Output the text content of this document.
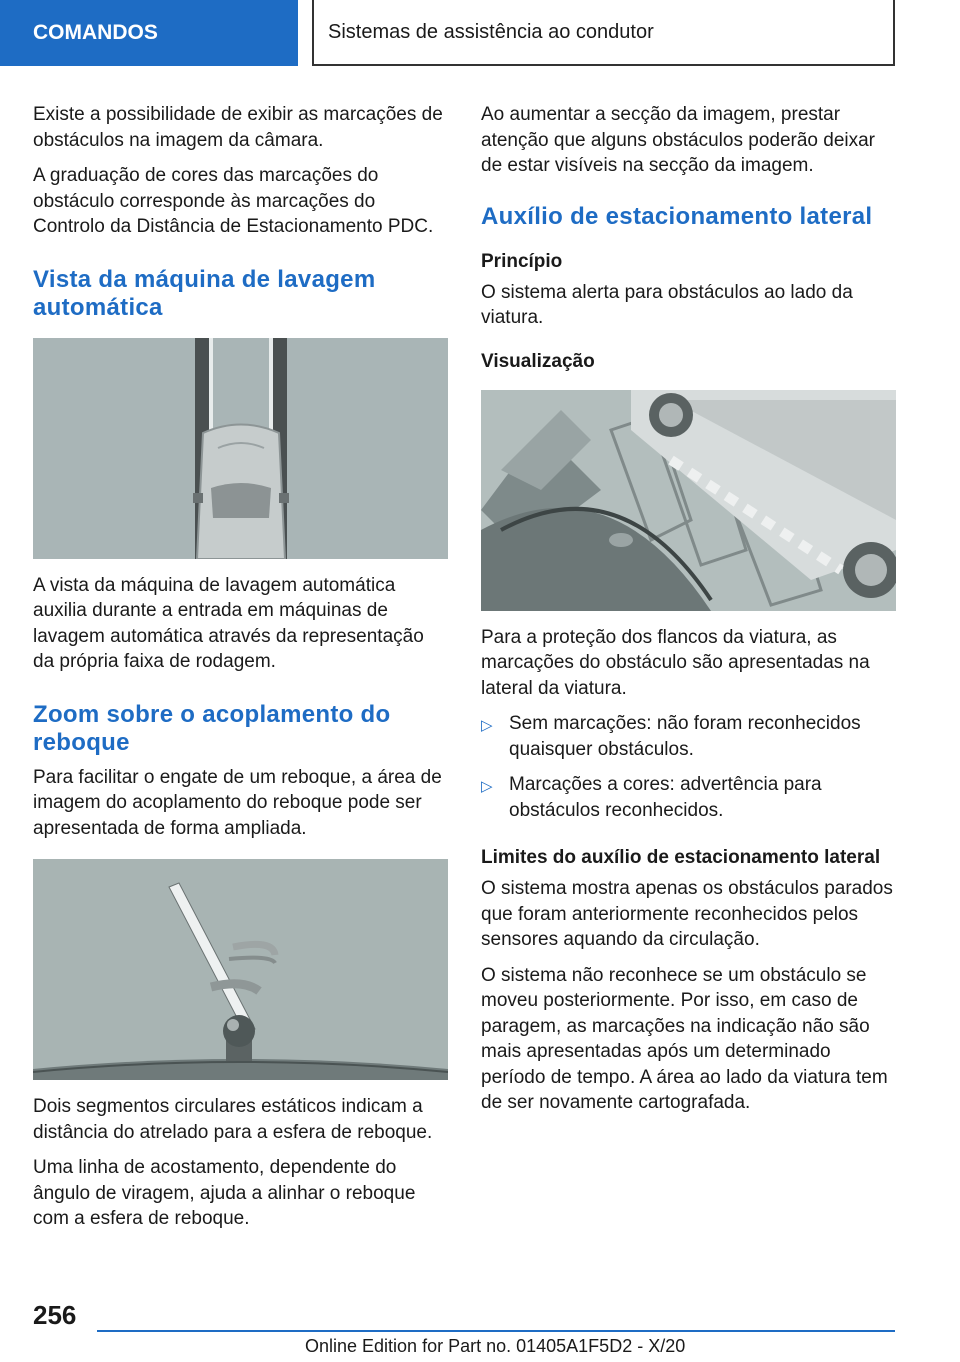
COMANDOS	Sistemas de assistência ao condutor

Existe a possibilidade de exibir as marcações de obstáculos na imagem da câmara.

A graduação de cores das marcações do obstáculo corresponde às marcações do Controlo da Distância de Estacionamento PDC.

Vista da máquina de lavagem automática

A vista da máquina de lavagem automática auxilia durante a entrada em máquinas de lavagem automática através da representação da própria faixa de rodagem.

Zoom sobre o acoplamento do reboque

Para facilitar o engate de um reboque, a área de imagem do acoplamento do reboque pode ser apresentada de forma ampliada.

Dois segmentos circulares estáticos indicam a distância do atrelado para a esfera de reboque.

Uma linha de acostamento, dependente do ângulo de viragem, ajuda a alinhar o reboque com a esfera de reboque.

Ao aumentar a secção da imagem, prestar atenção que alguns obstáculos poderão deixar de estar visíveis na secção da imagem.

Auxílio de estacionamento lateral
Princípio

O sistema alerta para obstáculos ao lado da viatura.

Visualização

Para a proteção dos flancos da viatura, as marcações do obstáculo são apresentadas na lateral da viatura.

▷ Sem marcações: não foram reconhecidos quaisquer obstáculos.
▷ Marcações a cores: advertência para obstáculos reconhecidos.
Limites do auxílio de estacionamento lateral

O sistema mostra apenas os obstáculos parados que foram anteriormente reconhecidos pelos sensores aquando da circulação.

O sistema não reconhece se um obstáculo se moveu posteriormente. Por isso, em caso de paragem, as marcações na indicação não são mais apresentadas após um determinado período de tempo. A área ao lado da viatura tem de ser novamente cartografada.

256
Online Edition for Part no. 01405A1F5D2 - X/20
